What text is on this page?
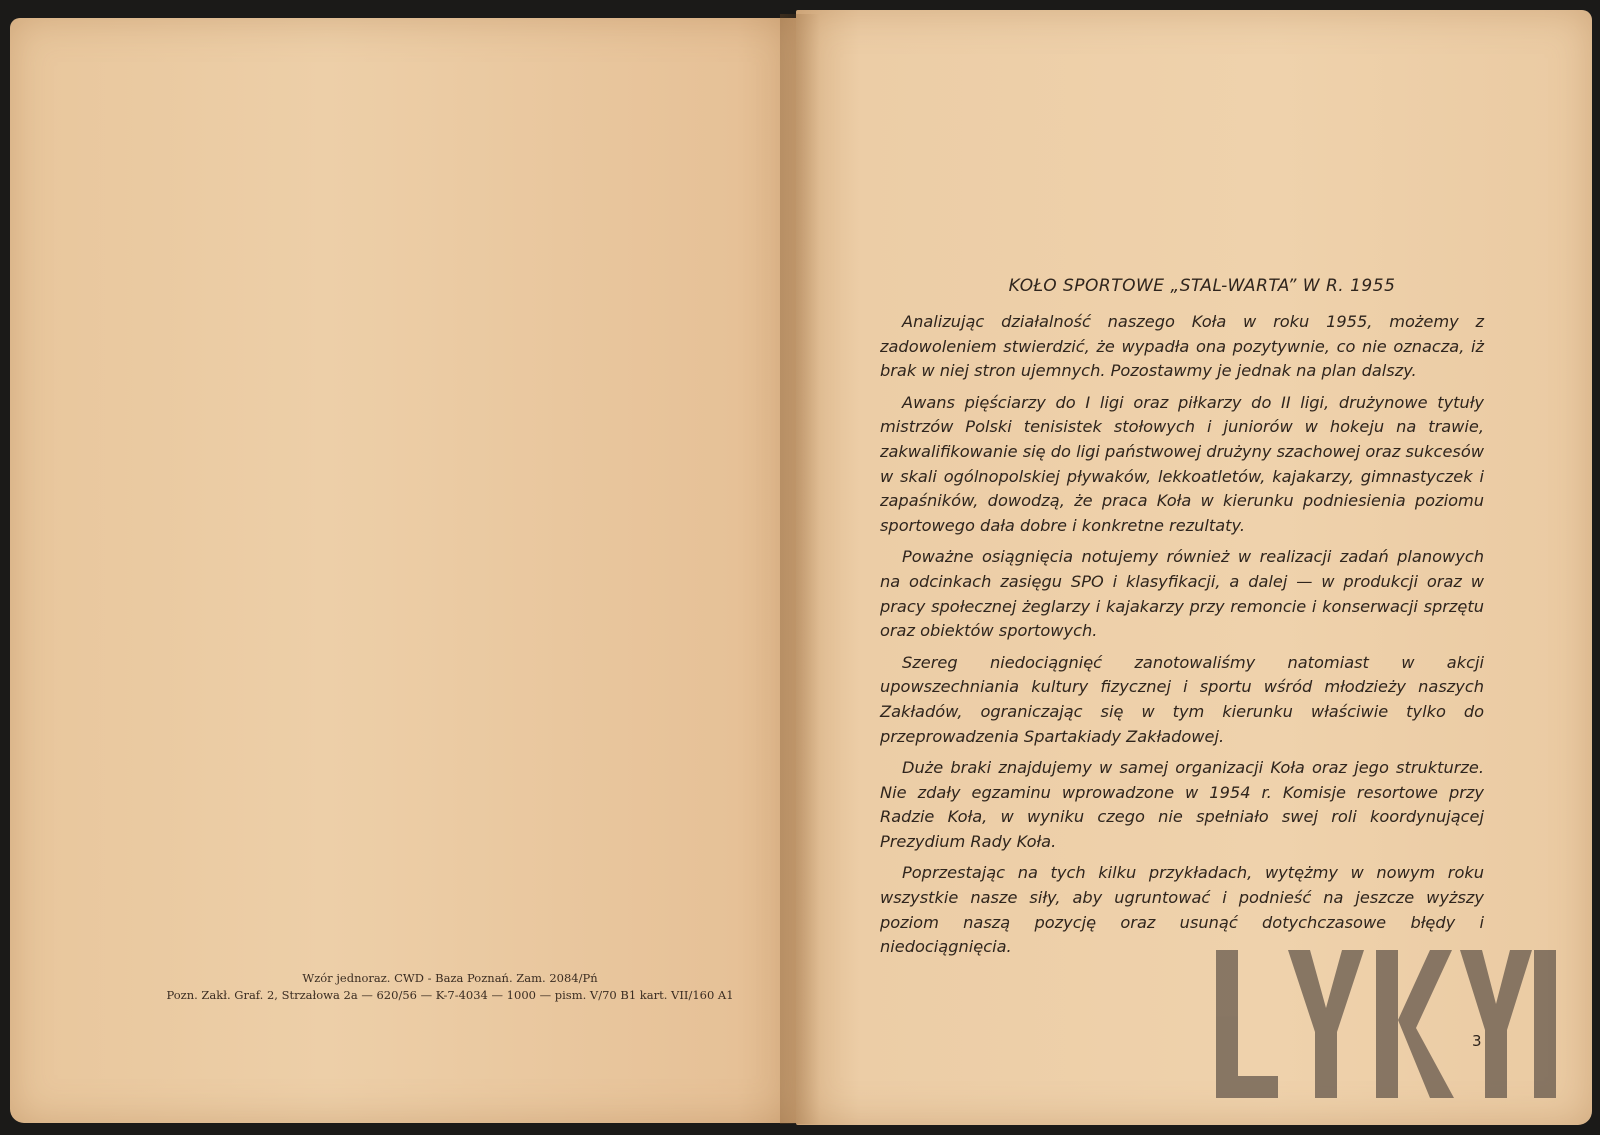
Wzór jednoraz. CWD - Baza Poznań. Zam. 2084/Pń
Pozn. Zakł. Graf. 2, Strzałowa 2a — 620/56 — K-7-4034 — 1000 — pism. V/70 B1 kart. VII/160 A1
KOŁO SPORTOWE „STAL-WARTA” W R. 1955

Analizując działalność naszego Koła w roku 1955, możemy z zadowoleniem stwierdzić, że wypadła ona pozytywnie, co nie oznacza, iż brak w niej stron ujemnych. Pozostawmy je jednak na plan dalszy.

Awans pięściarzy do I ligi oraz piłkarzy do II ligi, drużynowe tytuły mistrzów Polski tenisistek stołowych i juniorów w hokeju na trawie, zakwalifikowanie się do ligi państwowej drużyny szachowej oraz sukcesów w skali ogólnopolskiej pływaków, lekkoatletów, kajakarzy, gimnastyczek i zapaśników, dowodzą, że praca Koła w kierunku podniesienia poziomu sportowego dała dobre i konkretne rezultaty.

Poważne osiągnięcia notujemy również w realizacji zadań planowych na odcinkach zasięgu SPO i klasyfikacji, a dalej — w produkcji oraz w pracy społecznej żeglarzy i kajakarzy przy remoncie i konserwacji sprzętu oraz obiektów sportowych.

Szereg niedociągnięć zanotowaliśmy natomiast w akcji upowszechniania kultury fizycznej i sportu wśród młodzieży naszych Zakładów, ograniczając się w tym kierunku właściwie tylko do przeprowadzenia Spartakiady Zakładowej.

Duże braki znajdujemy w samej organizacji Koła oraz jego strukturze. Nie zdały egzaminu wprowadzone w 1954 r. Komisje resortowe przy Radzie Koła, w wyniku czego nie spełniało swej roli koordynującej Prezydium Rady Koła.

Poprzestając na tych kilku przykładach, wytężmy w nowym roku wszystkie nasze siły, aby ugruntować i podnieść na jeszcze wyższy poziom naszą pozycję oraz usunąć dotychczasowe błędy i niedociągnięcia.

3
